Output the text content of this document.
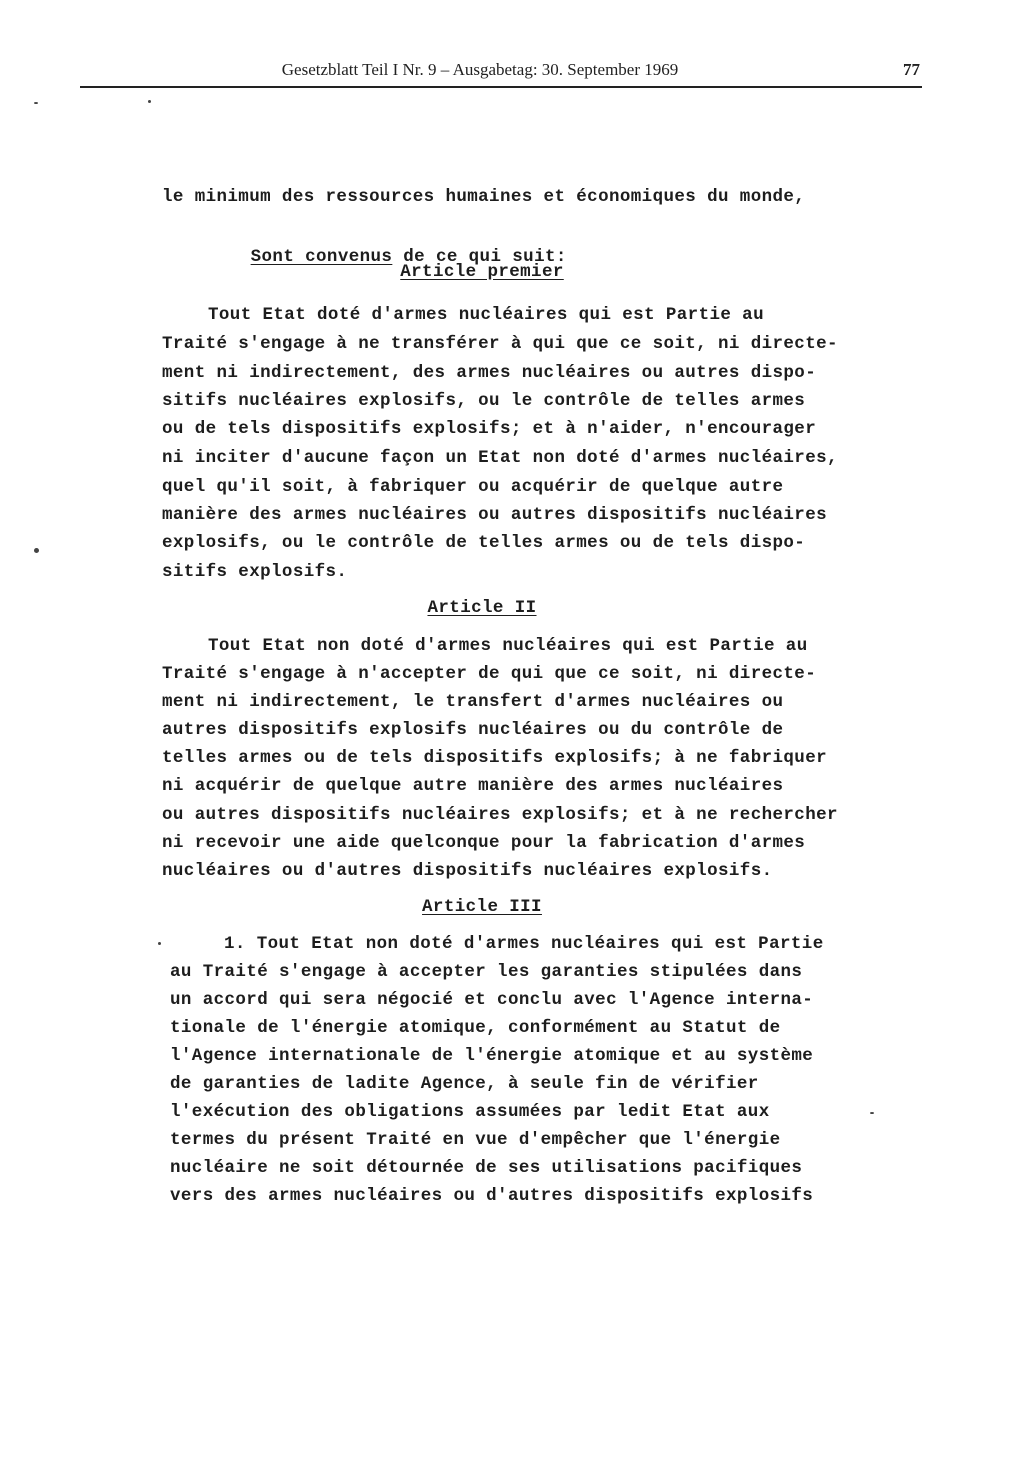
Gesetzblatt Teil I Nr. 9 – Ausgabetag: 30. September 1969	77
le minimum des ressources humaines et économiques du monde,

Sont convenus de ce qui suit:

Article premier
Tout Etat doté d'armes nucléaires qui est Partie au
Traité s'engage à ne transférer à qui que ce soit, ni directe-
ment ni indirectement, des armes nucléaires ou autres dispo-
sitifs nucléaires explosifs, ou le contrôle de telles armes
ou de tels dispositifs explosifs; et à n'aider, n'encourager
ni inciter d'aucune façon un Etat non doté d'armes nucléaires,
quel qu'il soit, à fabriquer ou acquérir de quelque autre
manière des armes nucléaires ou autres dispositifs nucléaires
explosifs, ou le contrôle de telles armes ou de tels dispo-
sitifs explosifs.
Article II
Tout Etat non doté d'armes nucléaires qui est Partie au
Traité s'engage à n'accepter de qui que ce soit, ni directe-
ment ni indirectement, le transfert d'armes nucléaires ou
autres dispositifs explosifs nucléaires ou du contrôle de
telles armes ou de tels dispositifs explosifs; à ne fabriquer
ni acquérir de quelque autre manière des armes nucléaires
ou autres dispositifs nucléaires explosifs; et à ne rechercher
ni recevoir une aide quelconque pour la fabrication d'armes
nucléaires ou d'autres dispositifs nucléaires explosifs.
Article III
1. Tout Etat non doté d'armes nucléaires qui est Partie
au Traité s'engage à accepter les garanties stipulées dans
un accord qui sera négocié et conclu avec l'Agence interna-
tionale de l'énergie atomique, conformément au Statut de
l'Agence internationale de l'énergie atomique et au système
de garanties de ladite Agence, à seule fin de vérifier
l'exécution des obligations assumées par ledit Etat aux
termes du présent Traité en vue d'empêcher que l'énergie
nucléaire ne soit détournée de ses utilisations pacifiques
vers des armes nucléaires ou d'autres dispositifs explosifs
